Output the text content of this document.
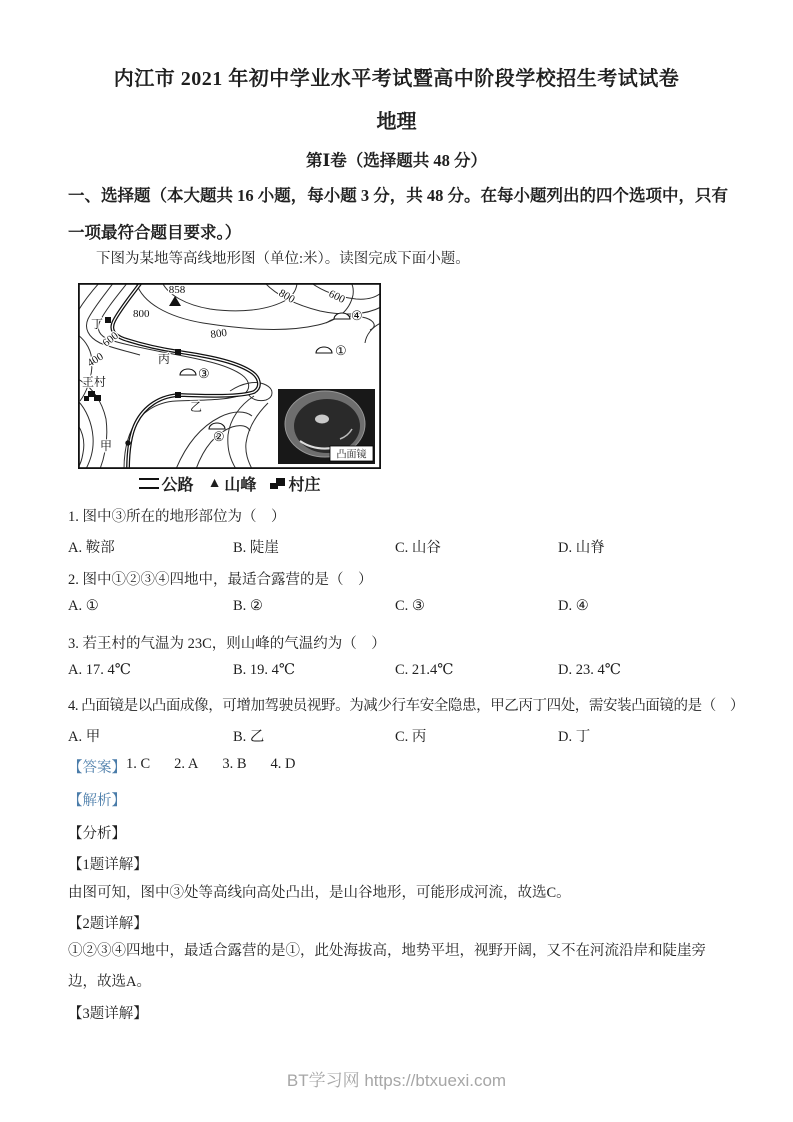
内江市 2021 年初中学业水平考试暨高中阶段学校招生考试试卷
地理
第Ⅰ卷（选择题共 48 分）
一、选择题（本大题共 16 小题，每小题 3 分，共 48 分。在每小题列出的四个选项中，只有一项最符合题目要求。）
下图为某地等高线地形图（单位:米）。读图完成下面小题。
858
800
800
600
400
800	600
王村
甲
乙
丙
丁
①
②
③
④
凸面镜
公路 ▲ 山峰 村庄
1. 图中③所在的地形部位为（　）
A. 鞍部	B. 陡崖	C. 山谷	D. 山脊
2. 图中①②③④四地中，最适合露营的是（　）
A. ①	B. ②	C. ③	D. ④
3. 若王村的气温为 23C，则山峰的气温约为（　）
A. 17. 4℃	B. 19. 4℃	C. 21.4℃	D. 23. 4℃
4. 凸面镜是以凸面成像，可增加驾驶员视野。为减少行车安全隐患，甲乙丙丁四处，需安装凸面镜的是（　）
A. 甲	B. 乙	C. 丙	D. 丁
【答案】 1. C 2. A 3. B 4. D
【解析】
【分析】
【1题详解】
由图可知，图中③处等高线向高处凸出，是山谷地形，可能形成河流，故选C。
【2题详解】
①②③④四地中，最适合露营的是①，此处海拔高，地势平坦，视野开阔，又不在河流沿岸和陡崖旁边，故选A。
【3题详解】
BT学习网 https://btxuexi.com
